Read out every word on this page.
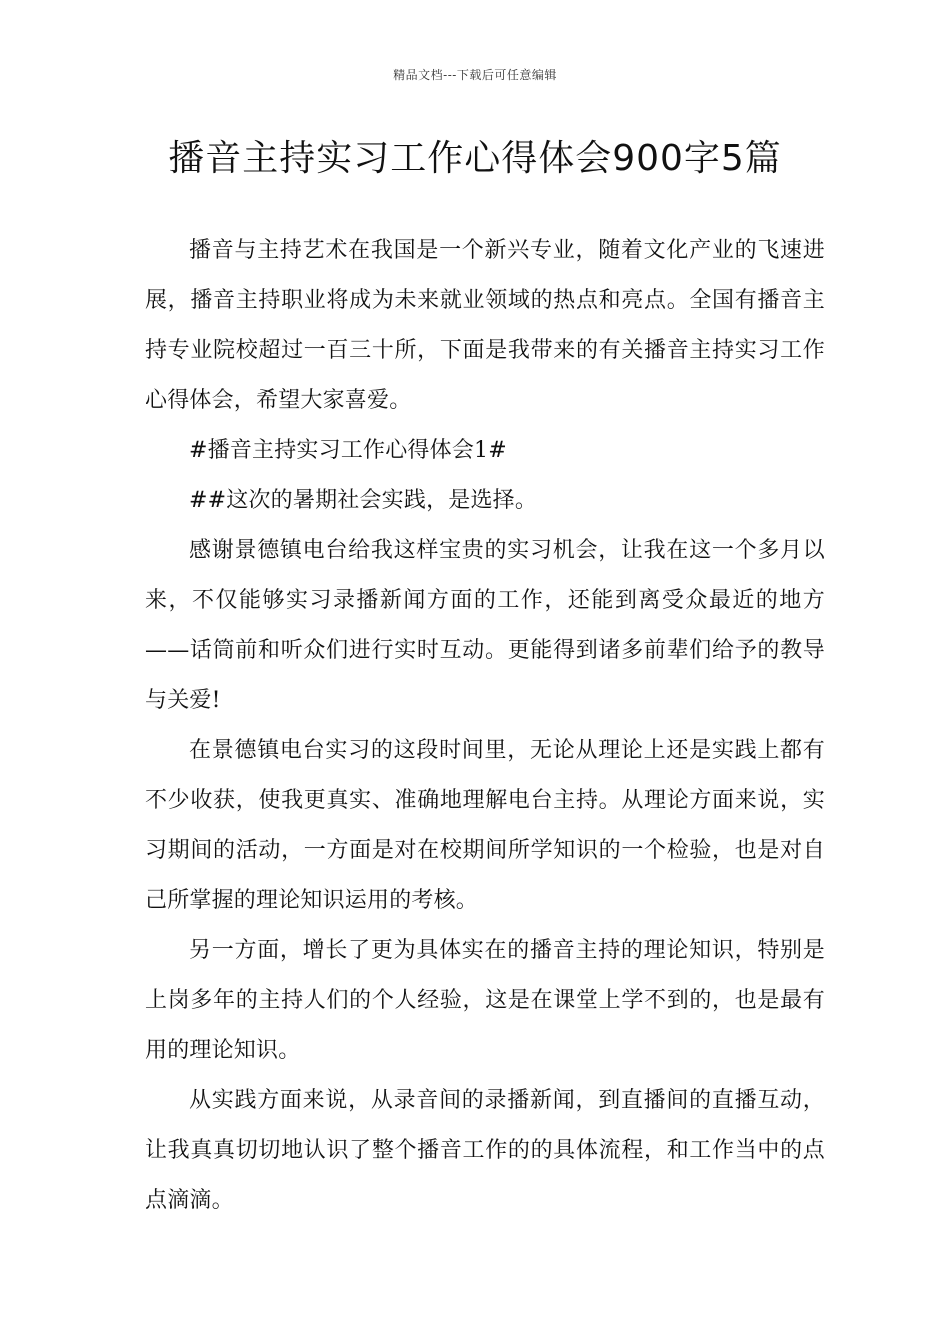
精品文档---下载后可任意编辑
播音主持实习工作心得体会900字5篇

播音与主持艺术在我国是一个新兴专业，随着文化产业的飞速进展，播音主持职业将成为未来就业领域的热点和亮点。全国有播音主持专业院校超过一百三十所，下面是我带来的有关播音主持实习工作心得体会，希望大家喜爱。

#播音主持实习工作心得体会1#

##这次的暑期社会实践，是选择。

感谢景德镇电台给我这样宝贵的实习机会，让我在这一个多月以来，不仅能够实习录播新闻方面的工作，还能到离受众最近的地方——话筒前和听众们进行实时互动。更能得到诸多前辈们给予的教导与关爱!

在景德镇电台实习的这段时间里，无论从理论上还是实践上都有不少收获，使我更真实、准确地理解电台主持。从理论方面来说，实习期间的活动，一方面是对在校期间所学知识的一个检验，也是对自己所掌握的理论知识运用的考核。

另一方面，增长了更为具体实在的播音主持的理论知识，特别是上岗多年的主持人们的个人经验，这是在课堂上学不到的，也是最有用的理论知识。

从实践方面来说，从录音间的录播新闻，到直播间的直播互动，让我真真切切地认识了整个播音工作的的具体流程，和工作当中的点点滴滴。
